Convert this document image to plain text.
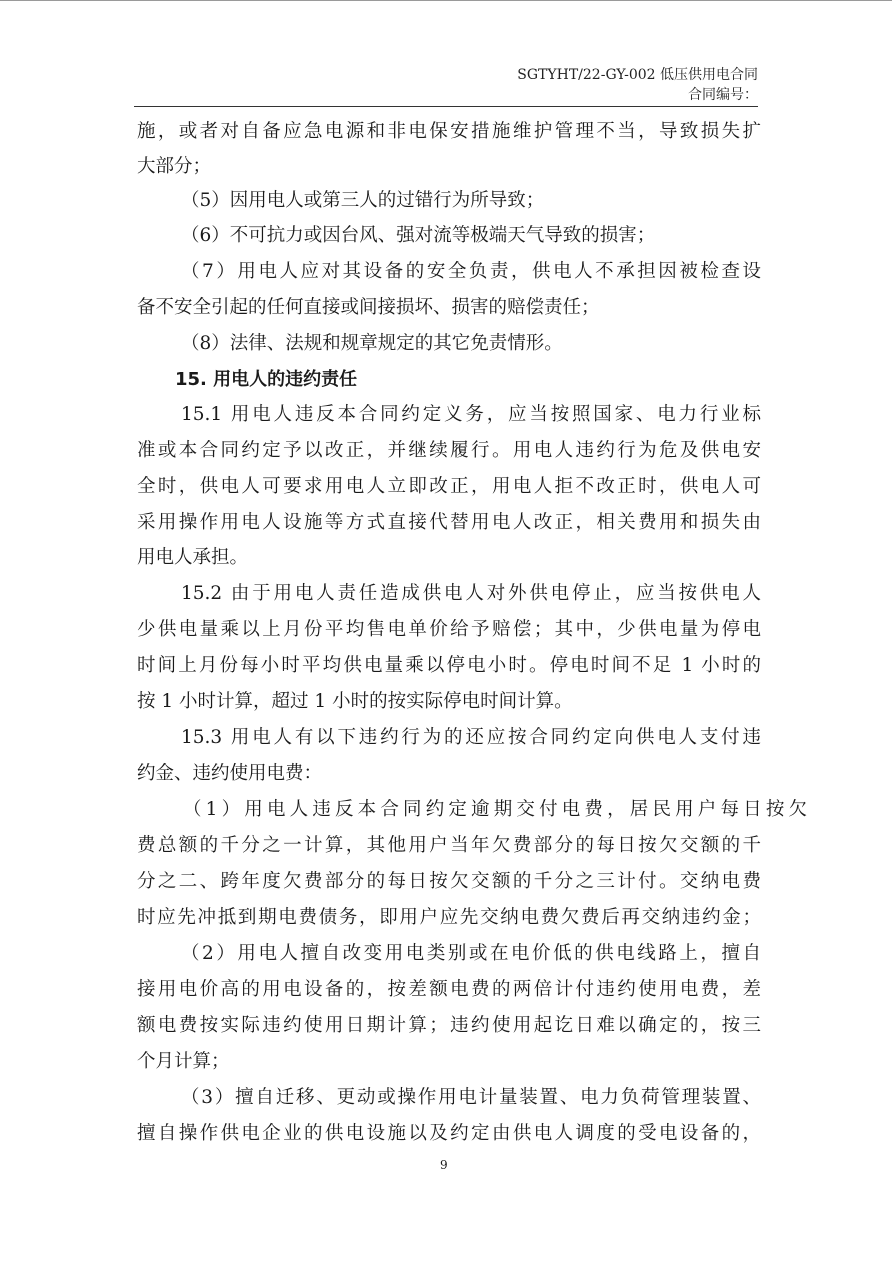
SGTYHT/22-GY-002 低压供用电合同
合同编号：
施，或者对自备应急电源和非电保安措施维护管理不当，导致损失扩
大部分；
（5）因用电人或第三人的过错行为所导致；
（6）不可抗力或因台风、强对流等极端天气导致的损害；
（7）用电人应对其设备的安全负责，供电人不承担因被检查设
备不安全引起的任何直接或间接损坏、损害的赔偿责任；
（8）法律、法规和规章规定的其它免责情形。
15. 用电人的违约责任
15.1 用电人违反本合同约定义务，应当按照国家、电力行业标
准或本合同约定予以改正，并继续履行。用电人违约行为危及供电安
全时，供电人可要求用电人立即改正，用电人拒不改正时，供电人可
采用操作用电人设施等方式直接代替用电人改正，相关费用和损失由
用电人承担。
15.2 由于用电人责任造成供电人对外供电停止，应当按供电人
少供电量乘以上月份平均售电单价给予赔偿；其中，少供电量为停电
时间上月份每小时平均供电量乘以停电小时。停电时间不足 1 小时的
按 1 小时计算，超过 1 小时的按实际停电时间计算。
15.3 用电人有以下违约行为的还应按合同约定向供电人支付违
约金、违约使用电费：
（1）用电人违反本合同约定逾期交付电费，居民用户每日按欠
费总额的千分之一计算，其他用户当年欠费部分的每日按欠交额的千
分之二、跨年度欠费部分的每日按欠交额的千分之三计付。交纳电费
时应先冲抵到期电费债务，即用户应先交纳电费欠费后再交纳违约金；
（2）用电人擅自改变用电类别或在电价低的供电线路上，擅自
接用电价高的用电设备的，按差额电费的两倍计付违约使用电费，差
额电费按实际违约使用日期计算；违约使用起讫日难以确定的，按三
个月计算；
（3）擅自迁移、更动或操作用电计量装置、电力负荷管理装置、
擅自操作供电企业的供电设施以及约定由供电人调度的受电设备的，
9
